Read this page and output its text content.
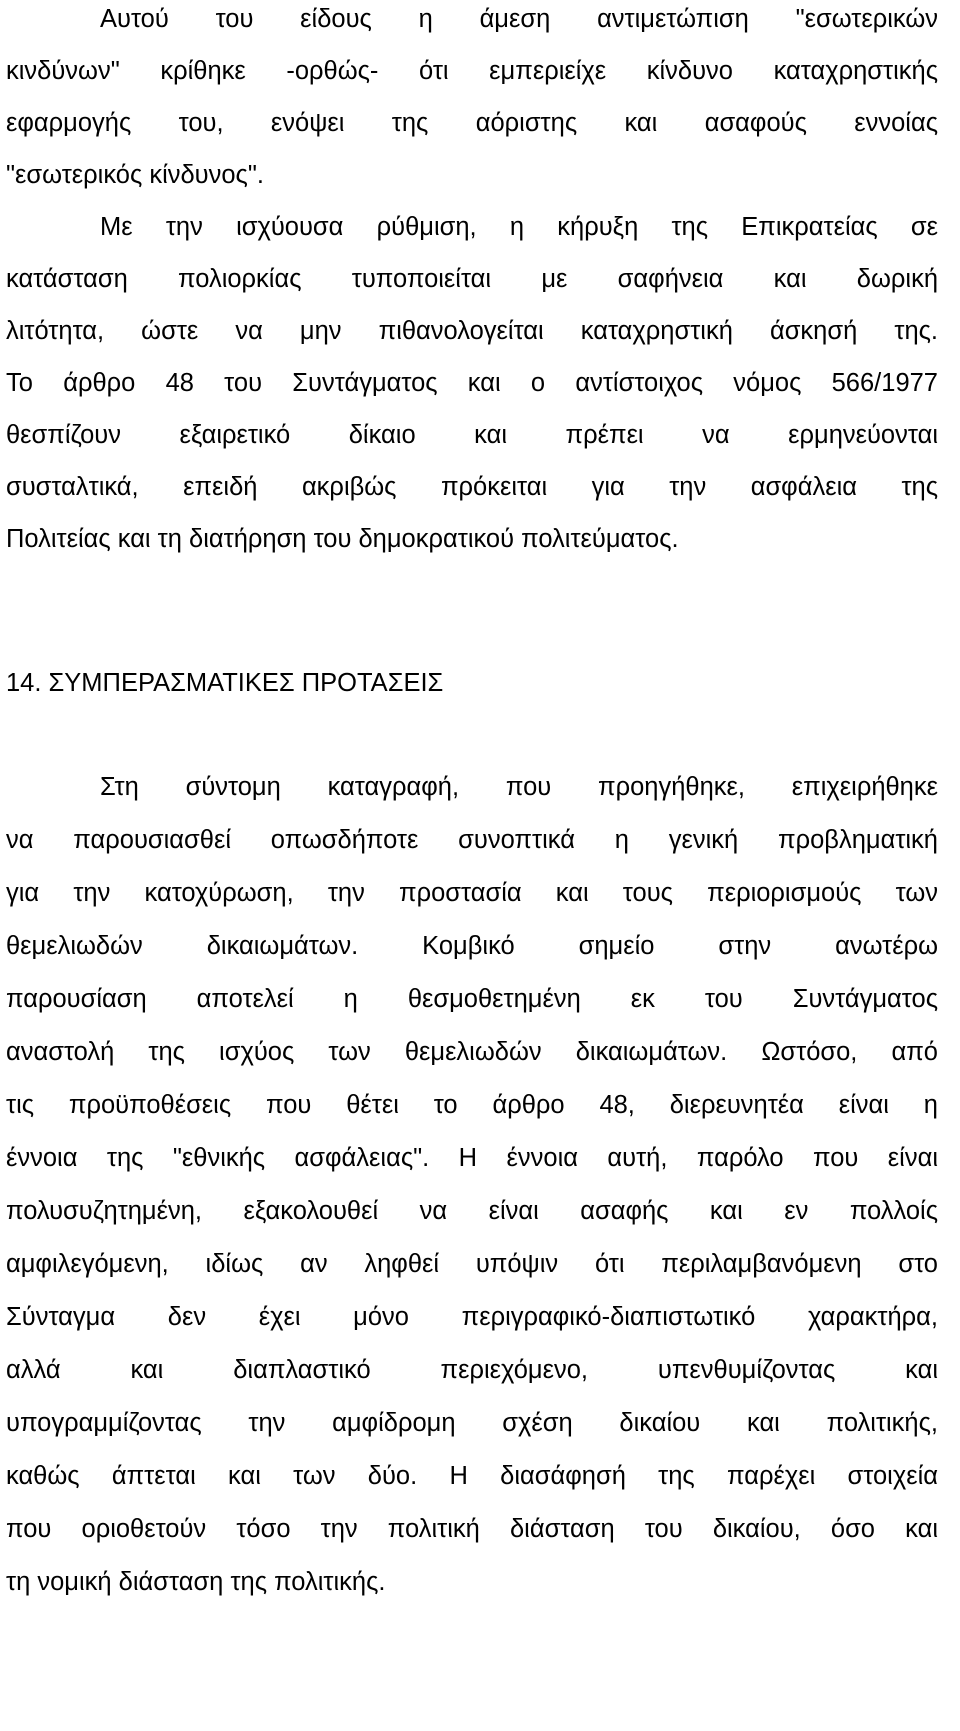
Αυτού του είδους η άμεση αντιμετώπιση "εσωτερικών
κινδύνων" κρίθηκε -ορθώς- ότι εμπεριείχε κίνδυνο καταχρηστικής
εφαρμογής του, ενόψει της αόριστης και ασαφούς εννοίας
"εσωτερικός κίνδυνος".
Με την ισχύουσα ρύθμιση, η κήρυξη της Επικρατείας σε
κατάσταση πολιορκίας τυποποιείται με σαφήνεια και δωρική
λιτότητα, ώστε να μην πιθανολογείται καταχρηστική άσκησή της.
Το άρθρο 48 του Συντάγματος και ο αντίστοιχος νόμος 566/1977
θεσπίζουν εξαιρετικό δίκαιο και πρέπει να ερμηνεύονται
συσταλτικά, επειδή ακριβώς πρόκειται για την ασφάλεια της
Πολιτείας και τη διατήρηση του δημοκρατικού πολιτεύματος.
14. ΣΥΜΠΕΡΑΣΜΑΤΙΚΕΣ ΠΡΟΤΑΣΕΙΣ
Στη σύντομη καταγραφή, που προηγήθηκε, επιχειρήθηκε
να παρουσιασθεί οπωσδήποτε συνοπτικά η γενική προβληματική
για την κατοχύρωση, την προστασία και τους περιορισμούς των
θεμελιωδών δικαιωμάτων. Κομβικό σημείο στην ανωτέρω
παρουσίαση αποτελεί η θεσμοθετημένη εκ του Συντάγματος
αναστολή της ισχύος των θεμελιωδών δικαιωμάτων. Ωστόσο, από
τις προϋποθέσεις που θέτει το άρθρο 48, διερευνητέα είναι η
έννοια της "εθνικής ασφάλειας". Η έννοια αυτή, παρόλο που είναι
πολυσυζητημένη, εξακολουθεί να είναι ασαφής και εν πολλοίς
αμφιλεγόμενη, ιδίως αν ληφθεί υπόψιν ότι περιλαμβανόμενη στο
Σύνταγμα δεν έχει μόνο περιγραφικό-διαπιστωτικό χαρακτήρα,
αλλά και διαπλαστικό περιεχόμενο, υπενθυμίζοντας και
υπογραμμίζοντας την αμφίδρομη σχέση δικαίου και πολιτικής,
καθώς άπτεται και των δύο. Η διασάφησή της παρέχει στοιχεία
που οριοθετούν τόσο την πολιτική διάσταση του δικαίου, όσο και
τη νομική διάσταση της πολιτικής.
